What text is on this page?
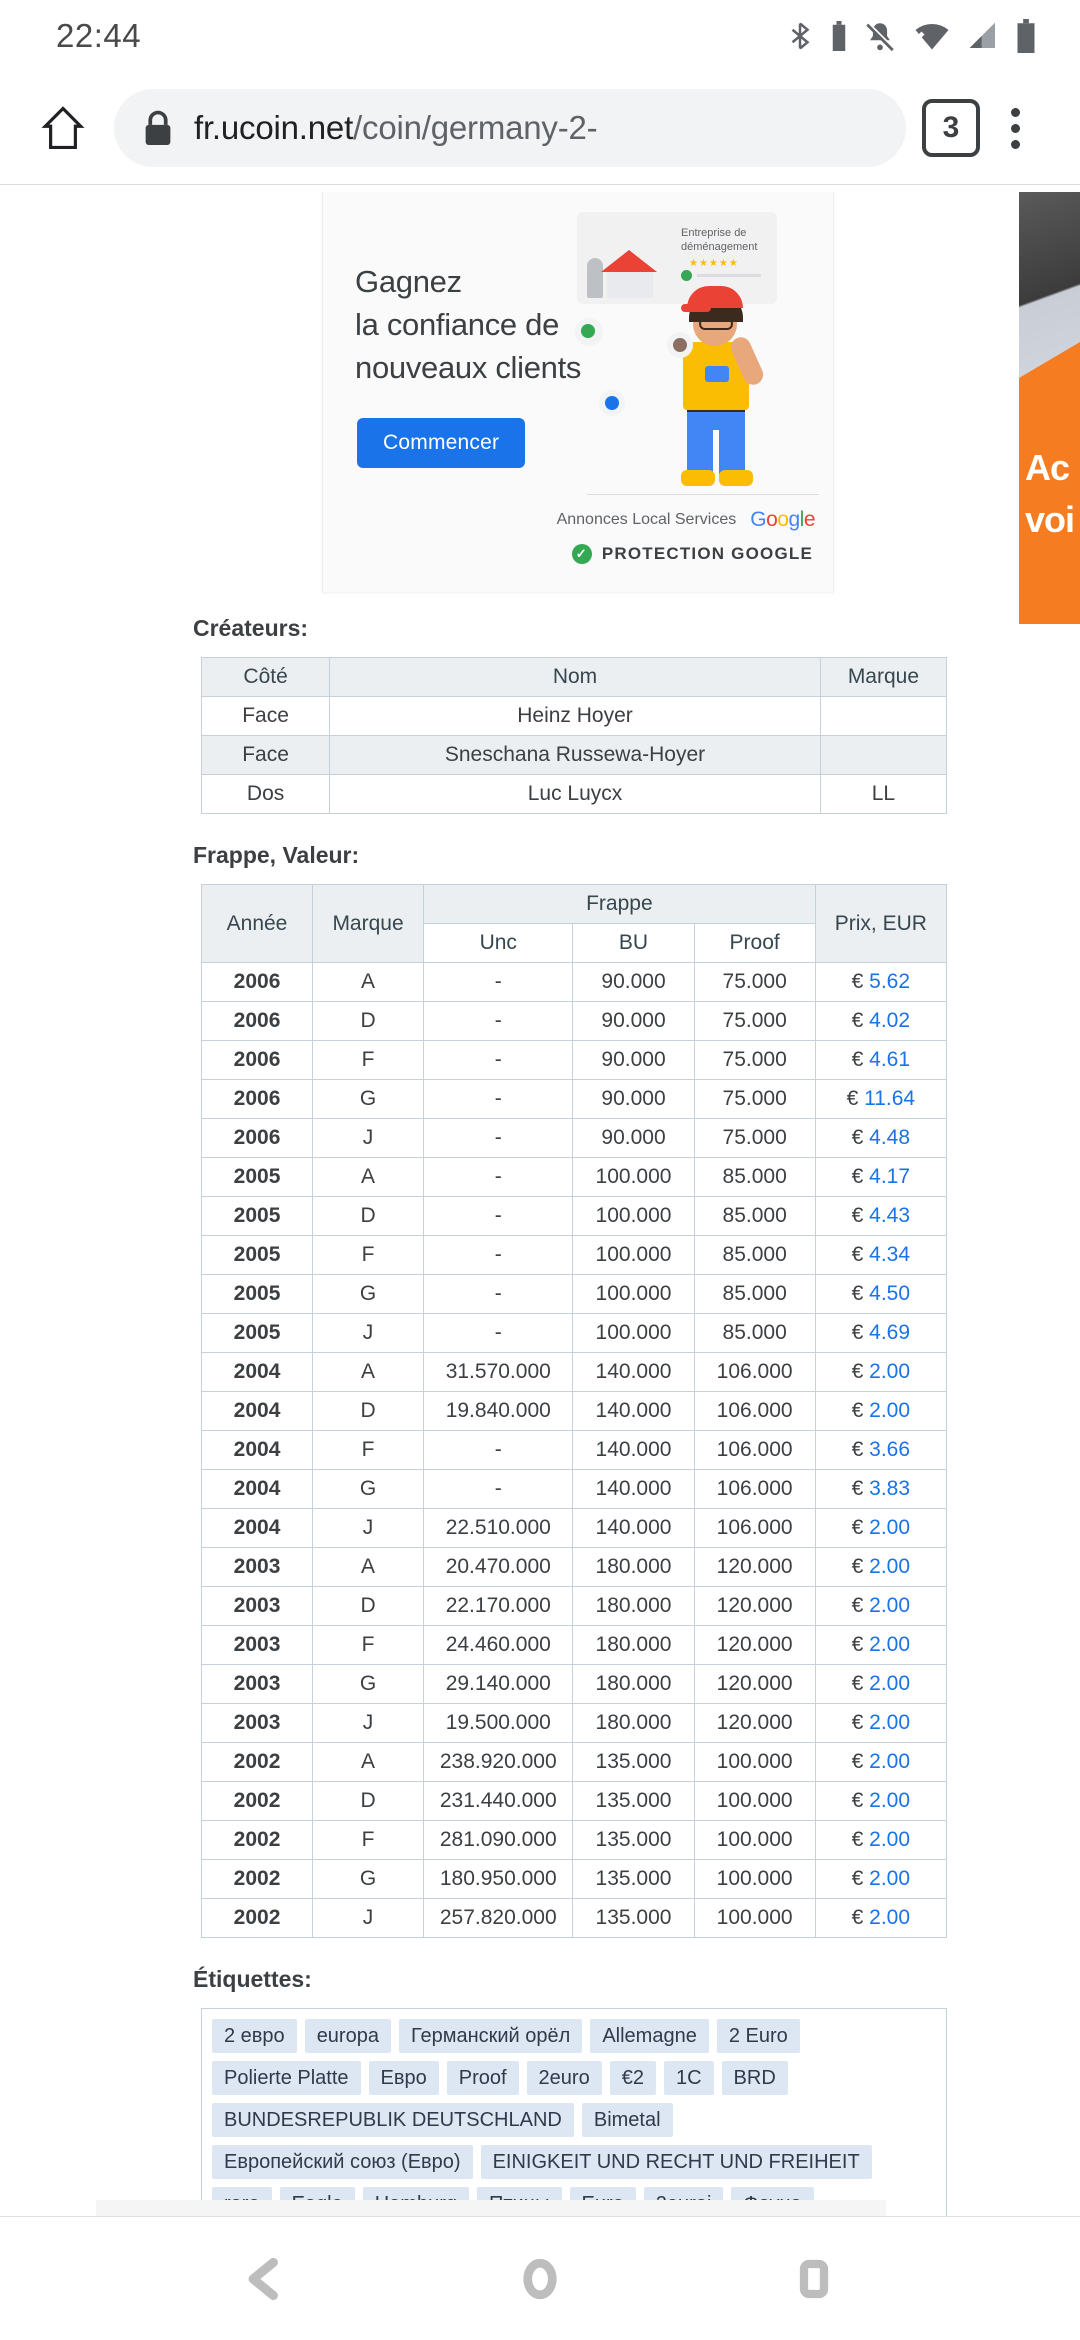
22:44
fr.ucoin.net/coin/germany-2-	3
Gagnez
la confiance de
nouveaux clients
Commencer
Entreprise de déménagement
★★★★★
Annonces Local Services Google
✓ PROTECTION GOOGLE
Ac
voi
Créateurs:
Côté	Nom	Marque
Face	Heinz Hoyer	
Face	Sneschana Russewa-Hoyer	
Dos	Luc Luycx	LL
Frappe, Valeur:
Année	Marque	Frappe			Prix, EUR
		Unc	BU	Proof	
2006	A	-	90.000	75.000	€ 5.62
2006	D	-	90.000	75.000	€ 4.02
2006	F	-	90.000	75.000	€ 4.61
2006	G	-	90.000	75.000	€ 11.64
2006	J	-	90.000	75.000	€ 4.48
2005	A	-	100.000	85.000	€ 4.17
2005	D	-	100.000	85.000	€ 4.43
2005	F	-	100.000	85.000	€ 4.34
2005	G	-	100.000	85.000	€ 4.50
2005	J	-	100.000	85.000	€ 4.69
2004	A	31.570.000	140.000	106.000	€ 2.00
2004	D	19.840.000	140.000	106.000	€ 2.00
2004	F	-	140.000	106.000	€ 3.66
2004	G	-	140.000	106.000	€ 3.83
2004	J	22.510.000	140.000	106.000	€ 2.00
2003	A	20.470.000	180.000	120.000	€ 2.00
2003	D	22.170.000	180.000	120.000	€ 2.00
2003	F	24.460.000	180.000	120.000	€ 2.00
2003	G	29.140.000	180.000	120.000	€ 2.00
2003	J	19.500.000	180.000	120.000	€ 2.00
2002	A	238.920.000	135.000	100.000	€ 2.00
2002	D	231.440.000	135.000	100.000	€ 2.00
2002	F	281.090.000	135.000	100.000	€ 2.00
2002	G	180.950.000	135.000	100.000	€ 2.00
2002	J	257.820.000	135.000	100.000	€ 2.00
Étiquettes:
2 евро	europa	Германский орёл	Allemagne	2 Euro
Polierte Platte	Евро	Proof	2euro	€2	1C	BRD
BUNDESREPUBLIK DEUTSCHLAND	Bimetal
Европейский союз (Евро)	EINIGKEIT UND RECHT UND FREIHEIT
